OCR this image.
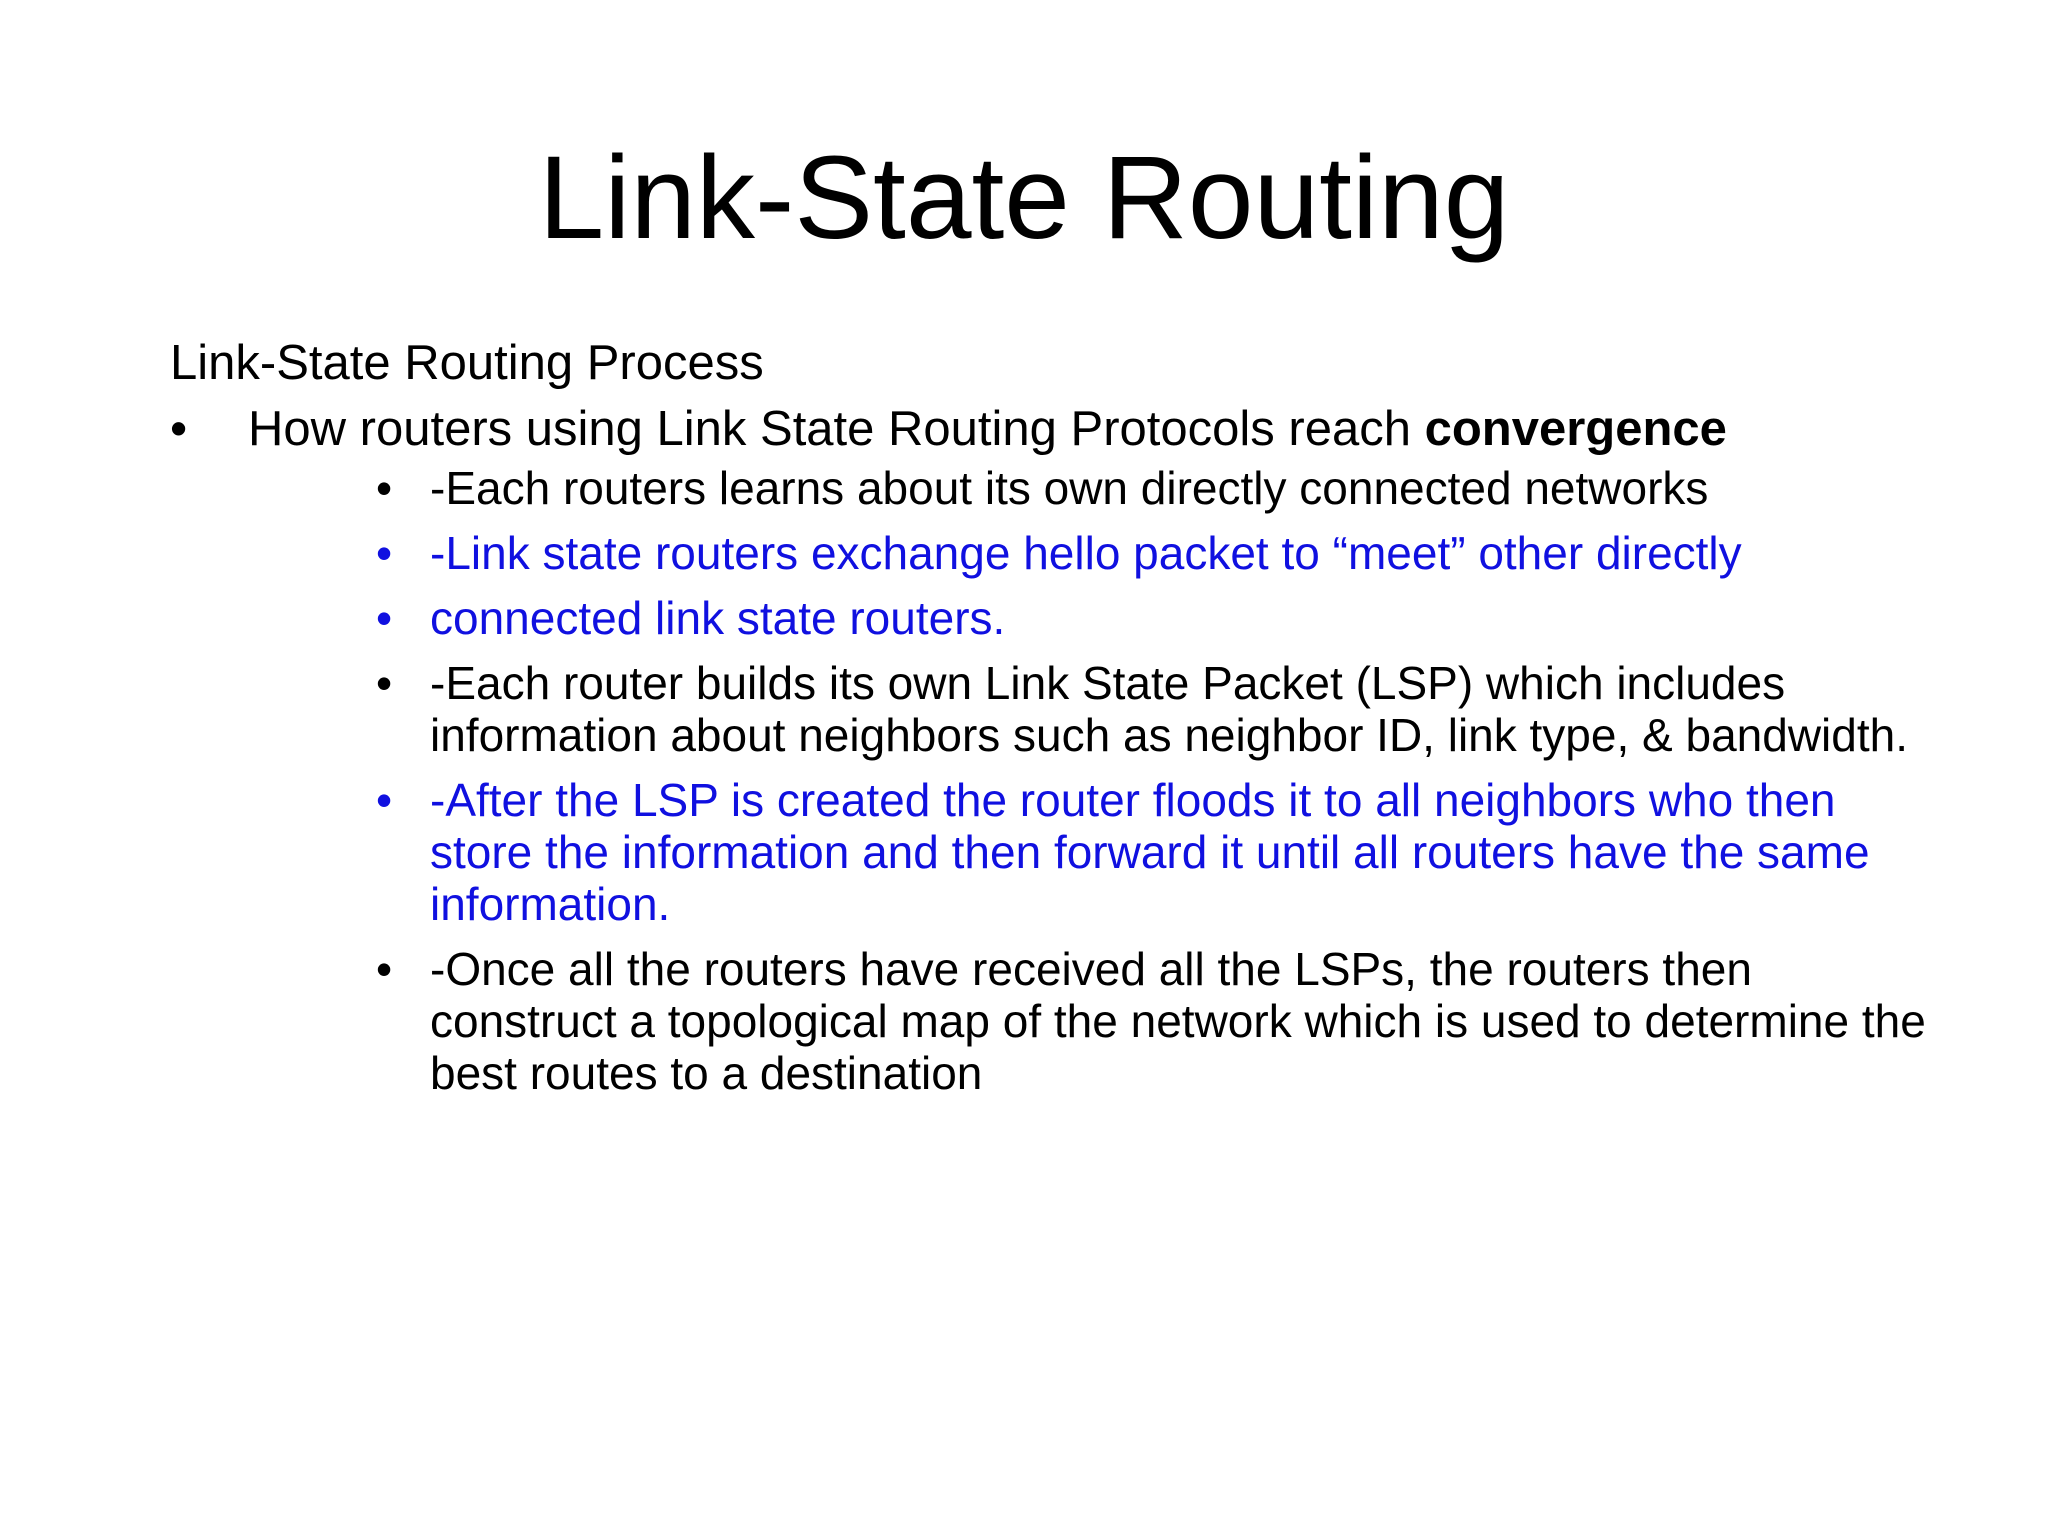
Link-State Routing

Link-State Routing Process

• How routers using Link State Routing Protocols reach convergence

• -Each routers learns about its own directly connected networks
• -Link state routers exchange hello packet to “meet” other directly
• connected link state routers.
• -Each router builds its own Link State Packet (LSP) which includes information about neighbors such as neighbor ID, link type, & bandwidth.
• -After the LSP is created the router floods it to all neighbors who then store the information and then forward it until all routers have the same information.
• -Once all the routers have received all the LSPs, the routers then construct a topological map of the network which is used to determine the best routes to a destination
